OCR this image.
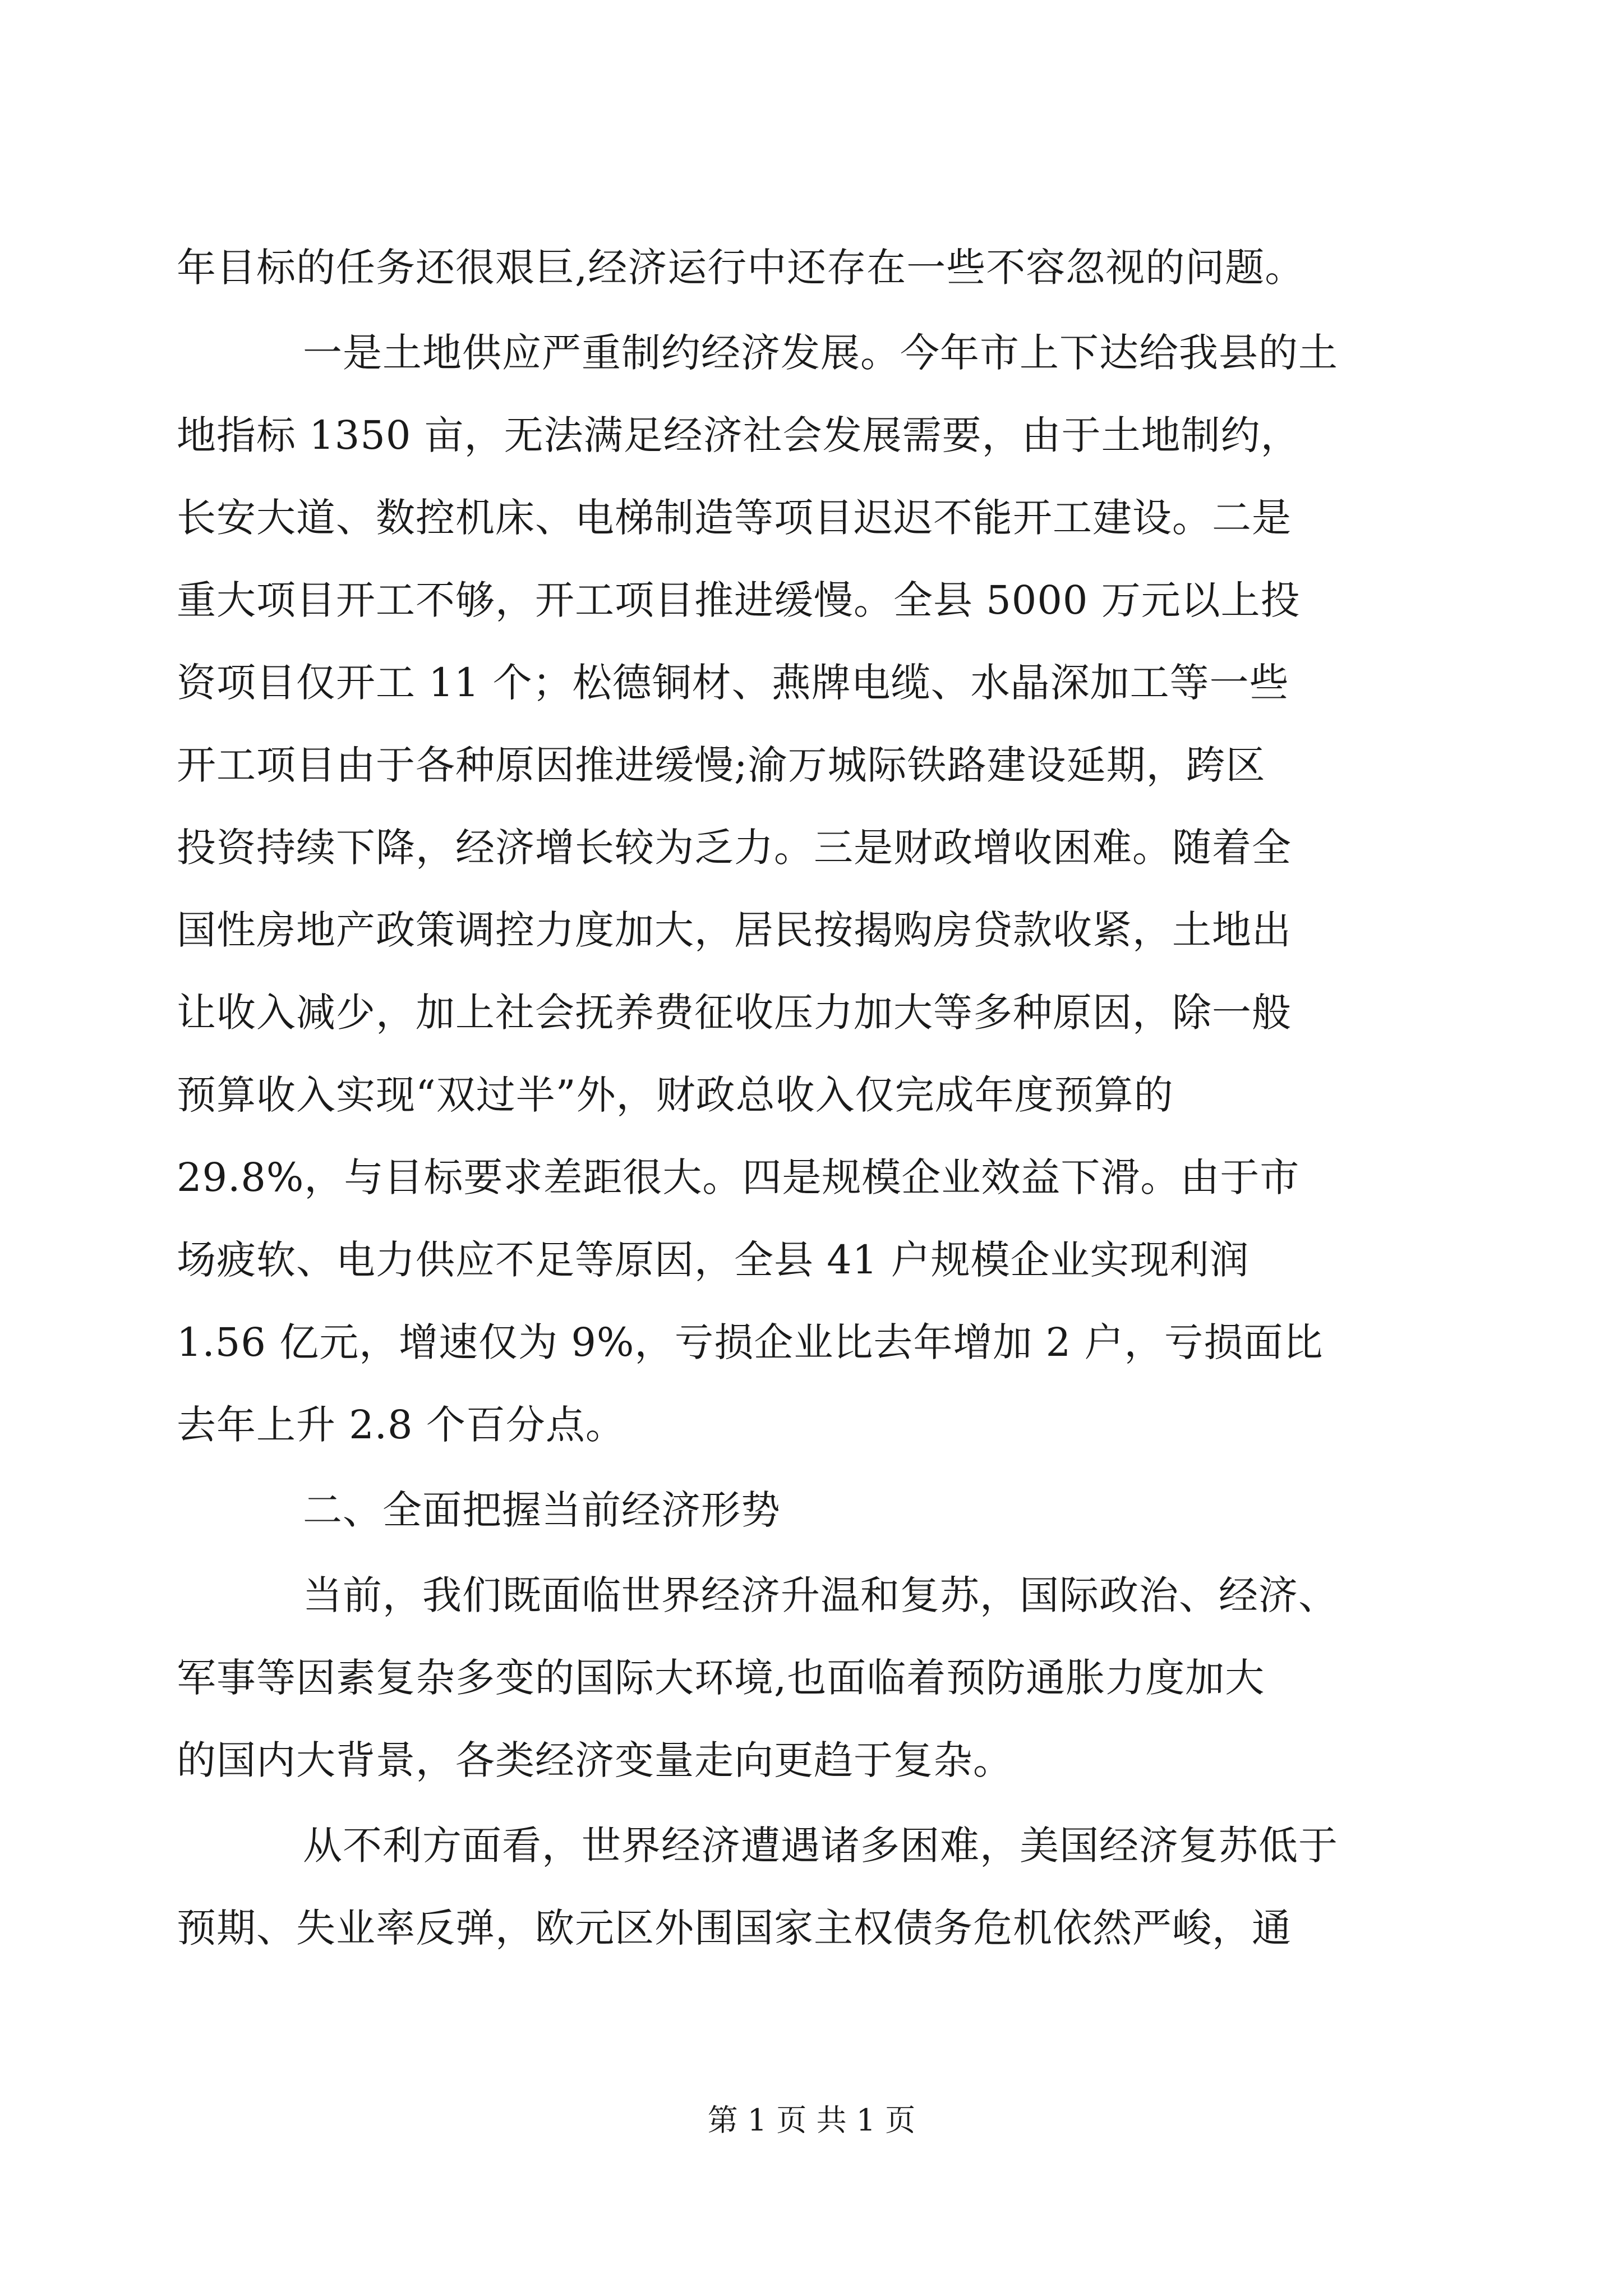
年目标的任务还很艰巨,经济运行中还存在一些不容忽视的问题。
一是土地供应严重制约经济发展。今年市上下达给我县的土
地指标 1350 亩，无法满足经济社会发展需要，由于土地制约，
长安大道、数控机床、电梯制造等项目迟迟不能开工建设。二是
重大项目开工不够，开工项目推进缓慢。全县 5000 万元以上投
资项目仅开工 11 个；松德铜材、燕牌电缆、水晶深加工等一些
开工项目由于各种原因推进缓慢;渝万城际铁路建设延期，跨区
投资持续下降，经济增长较为乏力。三是财政增收困难。随着全
国性房地产政策调控力度加大，居民按揭购房贷款收紧，土地出
让收入减少，加上社会抚养费征收压力加大等多种原因，除一般
预算收入实现“双过半”外，财政总收入仅完成年度预算的
29.8%，与目标要求差距很大。四是规模企业效益下滑。由于市
场疲软、电力供应不足等原因，全县 41 户规模企业实现利润
1.56 亿元，增速仅为 9%，亏损企业比去年增加 2 户，亏损面比
去年上升 2.8 个百分点。
二、全面把握当前经济形势
当前，我们既面临世界经济升温和复苏，国际政治、经济、
军事等因素复杂多变的国际大环境,也面临着预防通胀力度加大
的国内大背景，各类经济变量走向更趋于复杂。
从不利方面看，世界经济遭遇诸多困难，美国经济复苏低于
预期、失业率反弹，欧元区外围国家主权债务危机依然严峻，通
第 1 页 共 1 页
